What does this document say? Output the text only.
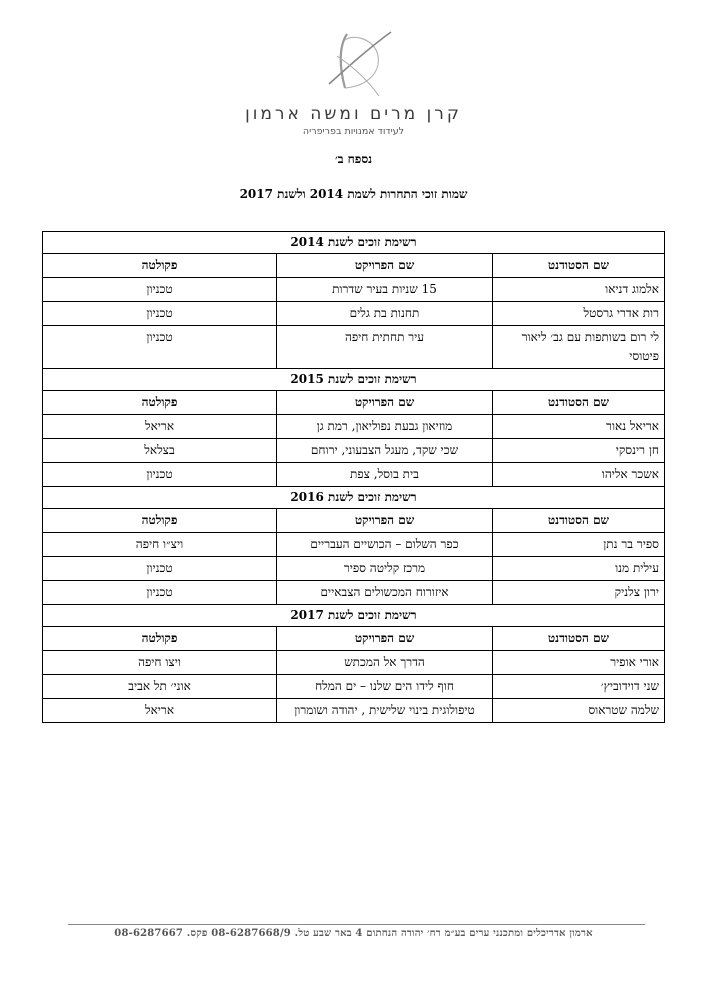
קרן מרים ומשה ארמון
לעידוד אמנויות בפריפריה
נספח ב׳
שמות זוכי התחרות לשמת 2014 ולשנת 2017
רשימת זוכים לשנת 2014		
שם הסטודנט	שם הפרויקט	פקולטה
אלמוג דניאו	15 שניות בעיר שדרות	טכניון
רות אדרי גרסטל	תחנות בת גלים	טכניון
לי רום בשותפות עם גב׳ ליאור פיטוסי	עיר תחתית חיפה	טכניון
רשימת זוכים לשנת 2015		
שם הסטודנט	שם הפרויקט	פקולטה
אריאל נאור	מוזיאון גבעת נפוליאון, רמת גן	אריאל
חן רינסקי	שכי שקד, מעגל הצבעוני, ירוחם	בצלאל
אשכר אליהו	בית בוסל, צפת	טכניון
רשימת זוכים לשנת 2016		
שם הסטודנט	שם הפרויקט	פקולטה
ספיר בר נתן	כפר השלום – הכושיים העבריים	ויצ״ו חיפה
עילית מנו	מרכז קליטה ספיר	טכניון
ירון צלניק	איזורוח המכשולים הצבאיים	טכניון
רשימת זוכים לשנת 2017		
שם הסטודנט	שם הפרויקט	פקולטה
אורי אופיר	הדרך אל המכתש	ויצו חיפה
שני דוידוביץ׳	חוף לידו הים שלנו – ים המלח	אוני׳ תל אביב
שלמה שטראוס	טיפולוגית בינוי שלישית , יהודה ושומרון	אריאל
ארמון אדריכלים ומתכנני ערים בע״מ רח׳ יהודה הנחתום 4 באר שבע טל. 08-6287668/9 פקס. 08-6287667
